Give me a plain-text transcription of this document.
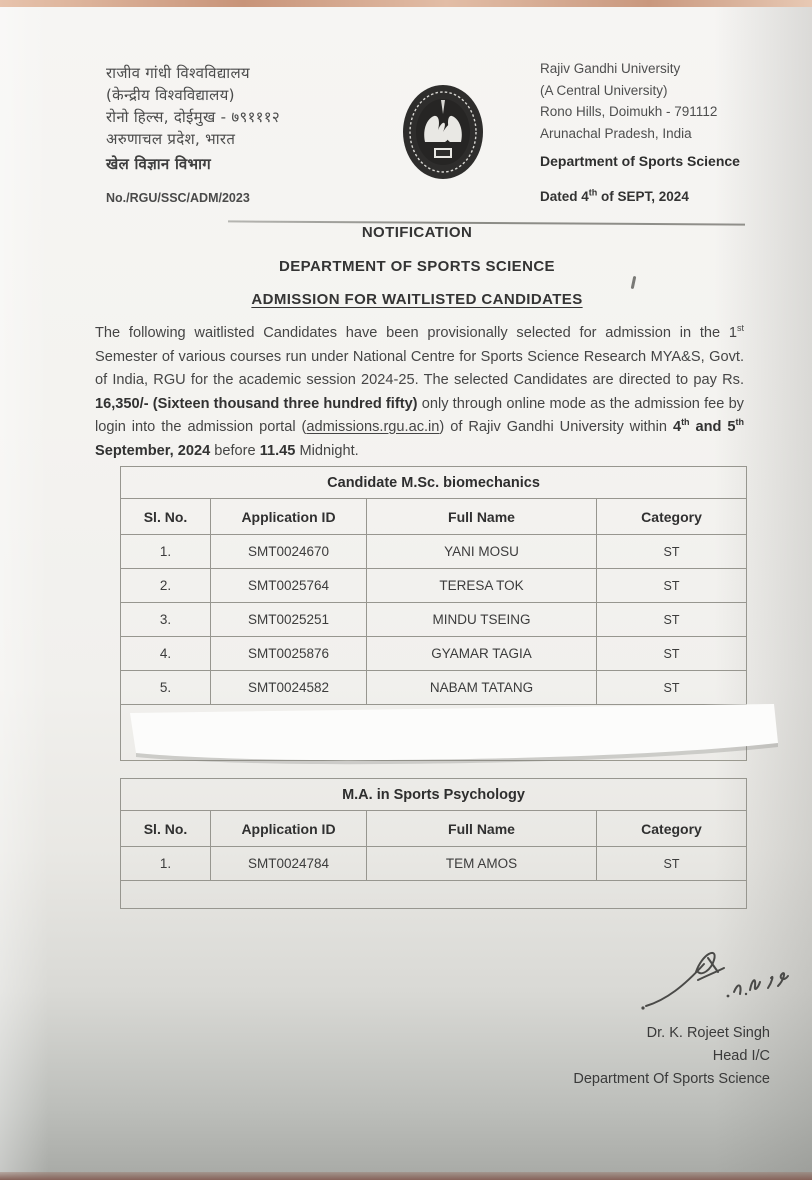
राजीव गांधी विश्वविद्यालय
(केन्द्रीय विश्वविद्यालय)
रोनो हिल्स, दोईमुख - ७९१११२
अरुणाचल प्रदेश, भारत
खेल विज्ञान विभाग
Rajiv Gandhi University
(A Central University)
Rono Hills, Doimukh - 791112
Arunachal Pradesh, India
Department of Sports Science
No./RGU/SSC/ADM/2023	Dated 4th of SEPT, 2024
NOTIFICATION
DEPARTMENT OF SPORTS SCIENCE
ADMISSION FOR WAITLISTED CANDIDATES

The following waitlisted Candidates have been provisionally selected for admission in the 1st Semester of various courses run under National Centre for Sports Science Research MYA&S, Govt. of India, RGU for the academic session 2024-25. The selected Candidates are directed to pay Rs. 16,350/- (Sixteen thousand three hundred fifty) only through online mode as the admission fee by login into the admission portal (admissions.rgu.ac.in) of Rajiv Gandhi University within 4th and 5th September, 2024 before 11.45 Midnight.

Candidate M.Sc. biomechanics			
Sl. No.	Application ID	Full Name	Category
1.	SMT0024670	YANI MOSU	ST
2.	SMT0025764	TERESA TOK	ST
3.	SMT0025251	MINDU TSEING	ST
4.	SMT0025876	GYAMAR TAGIA	ST
5.	SMT0024582	NABAM TATANG	ST

M.A. in Sports Psychology			
Sl. No.	Application ID	Full Name	Category
1.	SMT0024784	TEM AMOS	ST

Dr. K. Rojeet Singh
Head I/C
Department Of Sports Science
